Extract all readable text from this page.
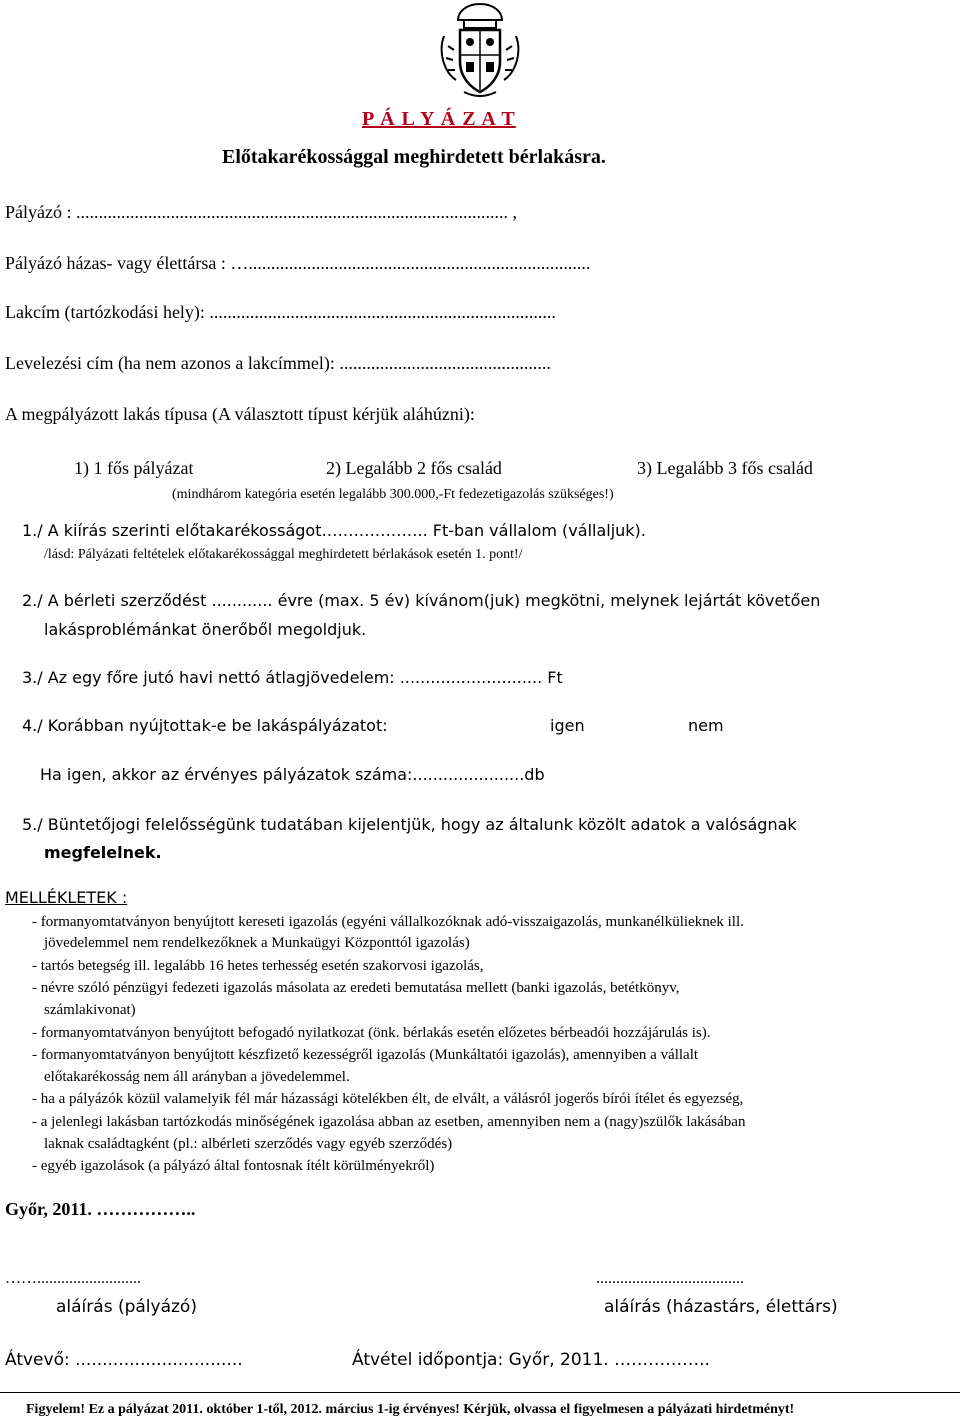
P Á L Y Á Z A T
Előtakarékossággal meghirdetett bérlakásra.
Pályázó : ................................................................................................ ,
Pályázó házas- vagy élettársa : …............................................................................
Lakcím (tartózkodási hely): .............................................................................
Levelezési cím (ha nem azonos a lakcímmel): ...............................................
A megpályázott lakás típusa (A választott típust kérjük aláhúzni):
1) 1 fős pályázat	2) Legalább 2 fős család	3) Legalább 3 fős család
(mindhárom kategória esetén legalább 300.000,-Ft fedezetigazolás szükséges!)
1./ A kiírás szerinti előtakarékosságot……………….. Ft-ban vállalom (vállaljuk).
/lásd: Pályázati feltételek előtakarékossággal meghirdetett bérlakások esetén 1. pont!/
2./ A bérleti szerződést ............ évre (max. 5 év) kívánom(juk) megkötni, melynek lejártát követően
lakásproblémánkat önerőből megoldjuk.
3./ Az egy főre jutó havi nettó átlagjövedelem: ............................ Ft
4./ Korábban nyújtottak-e be lakáspályázatot:	igen	nem
Ha igen, akkor az érvényes pályázatok száma:......................db
5./ Büntetőjogi felelősségünk tudatában kijelentjük, hogy az általunk közölt adatok a valóságnak
megfelelnek.
MELLÉKLETEK :
- formanyomtatványon benyújtott kereseti igazolás (egyéni vállalkozóknak adó-visszaigazolás, munkanélkülieknek ill.
jövedelemmel nem rendelkezőknek a Munkaügyi Központtól igazolás)
- tartós betegség ill. legalább 16 hetes terhesség esetén szakorvosi igazolás,
- névre szóló pénzügyi fedezeti igazolás másolata az eredeti bemutatása mellett (banki igazolás, betétkönyv,
számlakivonat)
- formanyomtatványon benyújtott befogadó nyilatkozat (önk. bérlakás esetén előzetes bérbeadói hozzájárulás is).
- formanyomtatványon benyújtott készfizető kezességről igazolás (Munkáltatói igazolás), amennyiben a vállalt
előtakarékosság nem áll arányban a jövedelemmel.
- ha a pályázók közül valamelyik fél már házassági kötelékben élt, de elvált, a válásról jogerős bírói ítélet és egyezség,
- a jelenlegi lakásban tartózkodás minőségének igazolása abban az esetben, amennyiben nem a (nagy)szülők lakásában
laknak családtagként (pl.: albérleti szerződés vagy egyéb szerződés)
- egyéb igazolások (a pályázó által fontosnak ítélt körülményekről)
Győr, 2011. ……………..
……..........................	.....................................
aláírás (pályázó)	aláírás (házastárs, élettárs)
Átvevő: ...............................	Átvétel időpontja: Győr, 2011. ……………..
Figyelem! Ez a pályázat 2011. október 1-től, 2012. március 1-ig érvényes! Kérjük, olvassa el figyelmesen a pályázati hirdetményt!
